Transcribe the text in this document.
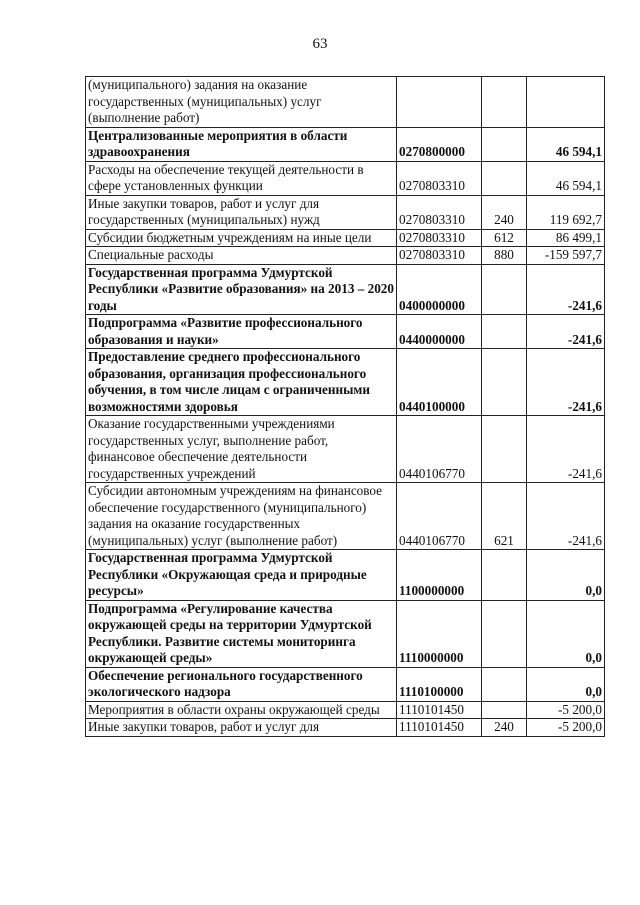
63
(муниципального) задания на оказание государственных (муниципальных) услуг (выполнение работ)			

Централизованные мероприятия в области здравоохранения	0270800000		46 594,1

Расходы на обеспечение текущей деятельности в сфере установленных функции	0270803310		46 594,1

Иные закупки товаров, работ и услуг для государственных (муниципальных) нужд	0270803310	240	119 692,7

Субсидии бюджетным учреждениям на иные цели	0270803310	612	86 499,1

Специальные расходы	0270803310	880	-159 597,7

Государственная программа Удмуртской Республики «Развитие образования» на 2013 – 2020 годы	0400000000		-241,6

Подпрограмма «Развитие профессионального образования и науки»	0440000000		-241,6

Предоставление среднего профессионального образования, организация профессионального обучения, в том числе лицам с ограниченными возможностями здоровья	0440100000		-241,6

Оказание государственными учреждениями государственных услуг, выполнение работ, финансовое обеспечение деятельности государственных учреждений	0440106770		-241,6

Субсидии автономным учреждениям на финансовое обеспечение государственного (муниципального) задания на оказание государственных (муниципальных) услуг (выполнение работ)	0440106770	621	-241,6

Государственная программа Удмуртской Республики «Окружающая среда и природные ресурсы»	1100000000		0,0

Подпрограмма «Регулирование качества окружающей среды на территории Удмуртской Республики. Развитие системы мониторинга окружающей среды»	1110000000		0,0

Обеспечение регионального государственного экологического надзора	1110100000		0,0

Мероприятия в области охраны окружающей среды	1110101450		-5 200,0

Иные закупки товаров, работ и услуг для	1110101450	240	-5 200,0
